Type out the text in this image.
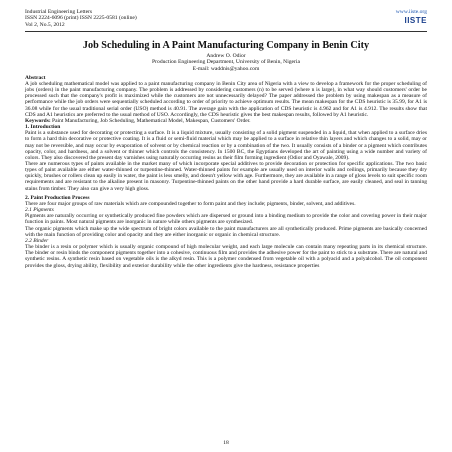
Industrial Engineering Letters
ISSN 2224-6096 (print) ISSN 2225-0581 (online)
Vol 2, No.5, 2012
www.iiste.org
IISTE
Job Scheduling in A Paint Manufacturing Company in Benin City
Andrew O. Odior
Production Engineering Department, University of Benin, Nigeria
E-mail: waddnis@yahoo.com

Abstract

A job scheduling mathematical model was applied to a paint manufacturing company in Benin City area of Nigeria with a view to develop a framework for the proper scheduling of jobs (orders) in the paint manufacturing company. The problem is addressed by considering customers (n) to be served (where n is large), in what way should customers' order be processed such that the company's profit is maximized while the customers are not unnecessarily delayed? The paper addressed the problem by using makespan as a measure of performance while the job orders were sequentially scheduled according to order of priority to achieve optimum results. The mean makespan for the CDS heuristic is 35.99, for A1 is 36.08 while for the usual traditional serial order (USO) method is 40.91. The average gain with the application of CDS heuristic is 4.962 and for A1 is 4.912. The results show that CDS and A1 heuristics are preferred to the usual method of USO. Accordingly, the CDS heuristic gives the best makespan results, followed by A1 heuristic.

Keywords: Paint Manufacturing, Job Scheduling, Mathematical Model, Makespan, Customers' Order.

1. Introduction

Paint is a substance used for decorating or protecting a surface. It is a liquid mixture, usually consisting of a solid pigment suspended in a liquid, that when applied to a surface dries to form a hard thin decorative or protective coating. It is a fluid or semi-fluid material which may be applied to a surface in relative thin layers and which changes to a solid, may or may not be reversible, and may occur by evaporation of solvent or by chemical reaction or by a combination of the two. It usually consists of a binder or a pigment which contributes opacity, color, and hardness, and a solvent or thinner which controls the consistency. In 1500 BC, the Egyptians developed the art of painting using a wide number and variety of colors. They also discovered the present day varnishes using naturally occurring resins as their film forming ingredient (Odior and Oyawale, 2009).

There are numerous types of paints available in the market many of which incorporate special additives to provide decoration or protection for specific applications. The two basic types of paint available are either water-thinned or turpentine-thinned. Water-thinned paints for example are usually used on interior walls and ceilings, primarily because they dry quickly, brushes or rollers clean up easily in water, the paint is less smelly, and doesn't yellow with age. Furthermore, they are available in a range of gloss levels to suit specific room requirements and are resistant to the alkaline present in masonry. Turpentine-thinned paints on the other hand provide a hard durable surface, are easily cleaned, and seal in tanning stains from timber. They also can give a very high gloss.

2. Paint Production Process

There are four major groups of raw materials which are compounded together to form paint and they include; pigments, binder, solvent, and additives.

2.1 Pigments

Pigments are naturally occurring or synthetically produced fine powders which are dispersed or ground into a binding medium to provide the color and covering power in their major function in paints. Most natural pigments are inorganic in nature while others pigments are synthesized.

The organic pigments which make up the wide spectrum of bright colors available to the paint manufacturers are all synthetically produced. Prime pigments are basically concerned with the main function of providing color and opacity and they are either inorganic or organic in chemical structure.

2.2 Binder

The binder is a resin or polymer which is usually organic compound of high molecular weight, and each large molecule can contain many repeating parts in its chemical structure. The binder or resin binds the component pigments together into a cohesive, continuous film and provides the adhesive power for the paint to stick to a substrate. There are natural and synthetic resins. A synthetic resin based on vegetable oils is the alkyd resin. This is a polymer condensed from vegetable oil with a polyacid and a polyalcohol. The oil component provides the gloss, drying ability, flexibility and exterior durability while the other ingredients give the hardness, resistance properties

18
